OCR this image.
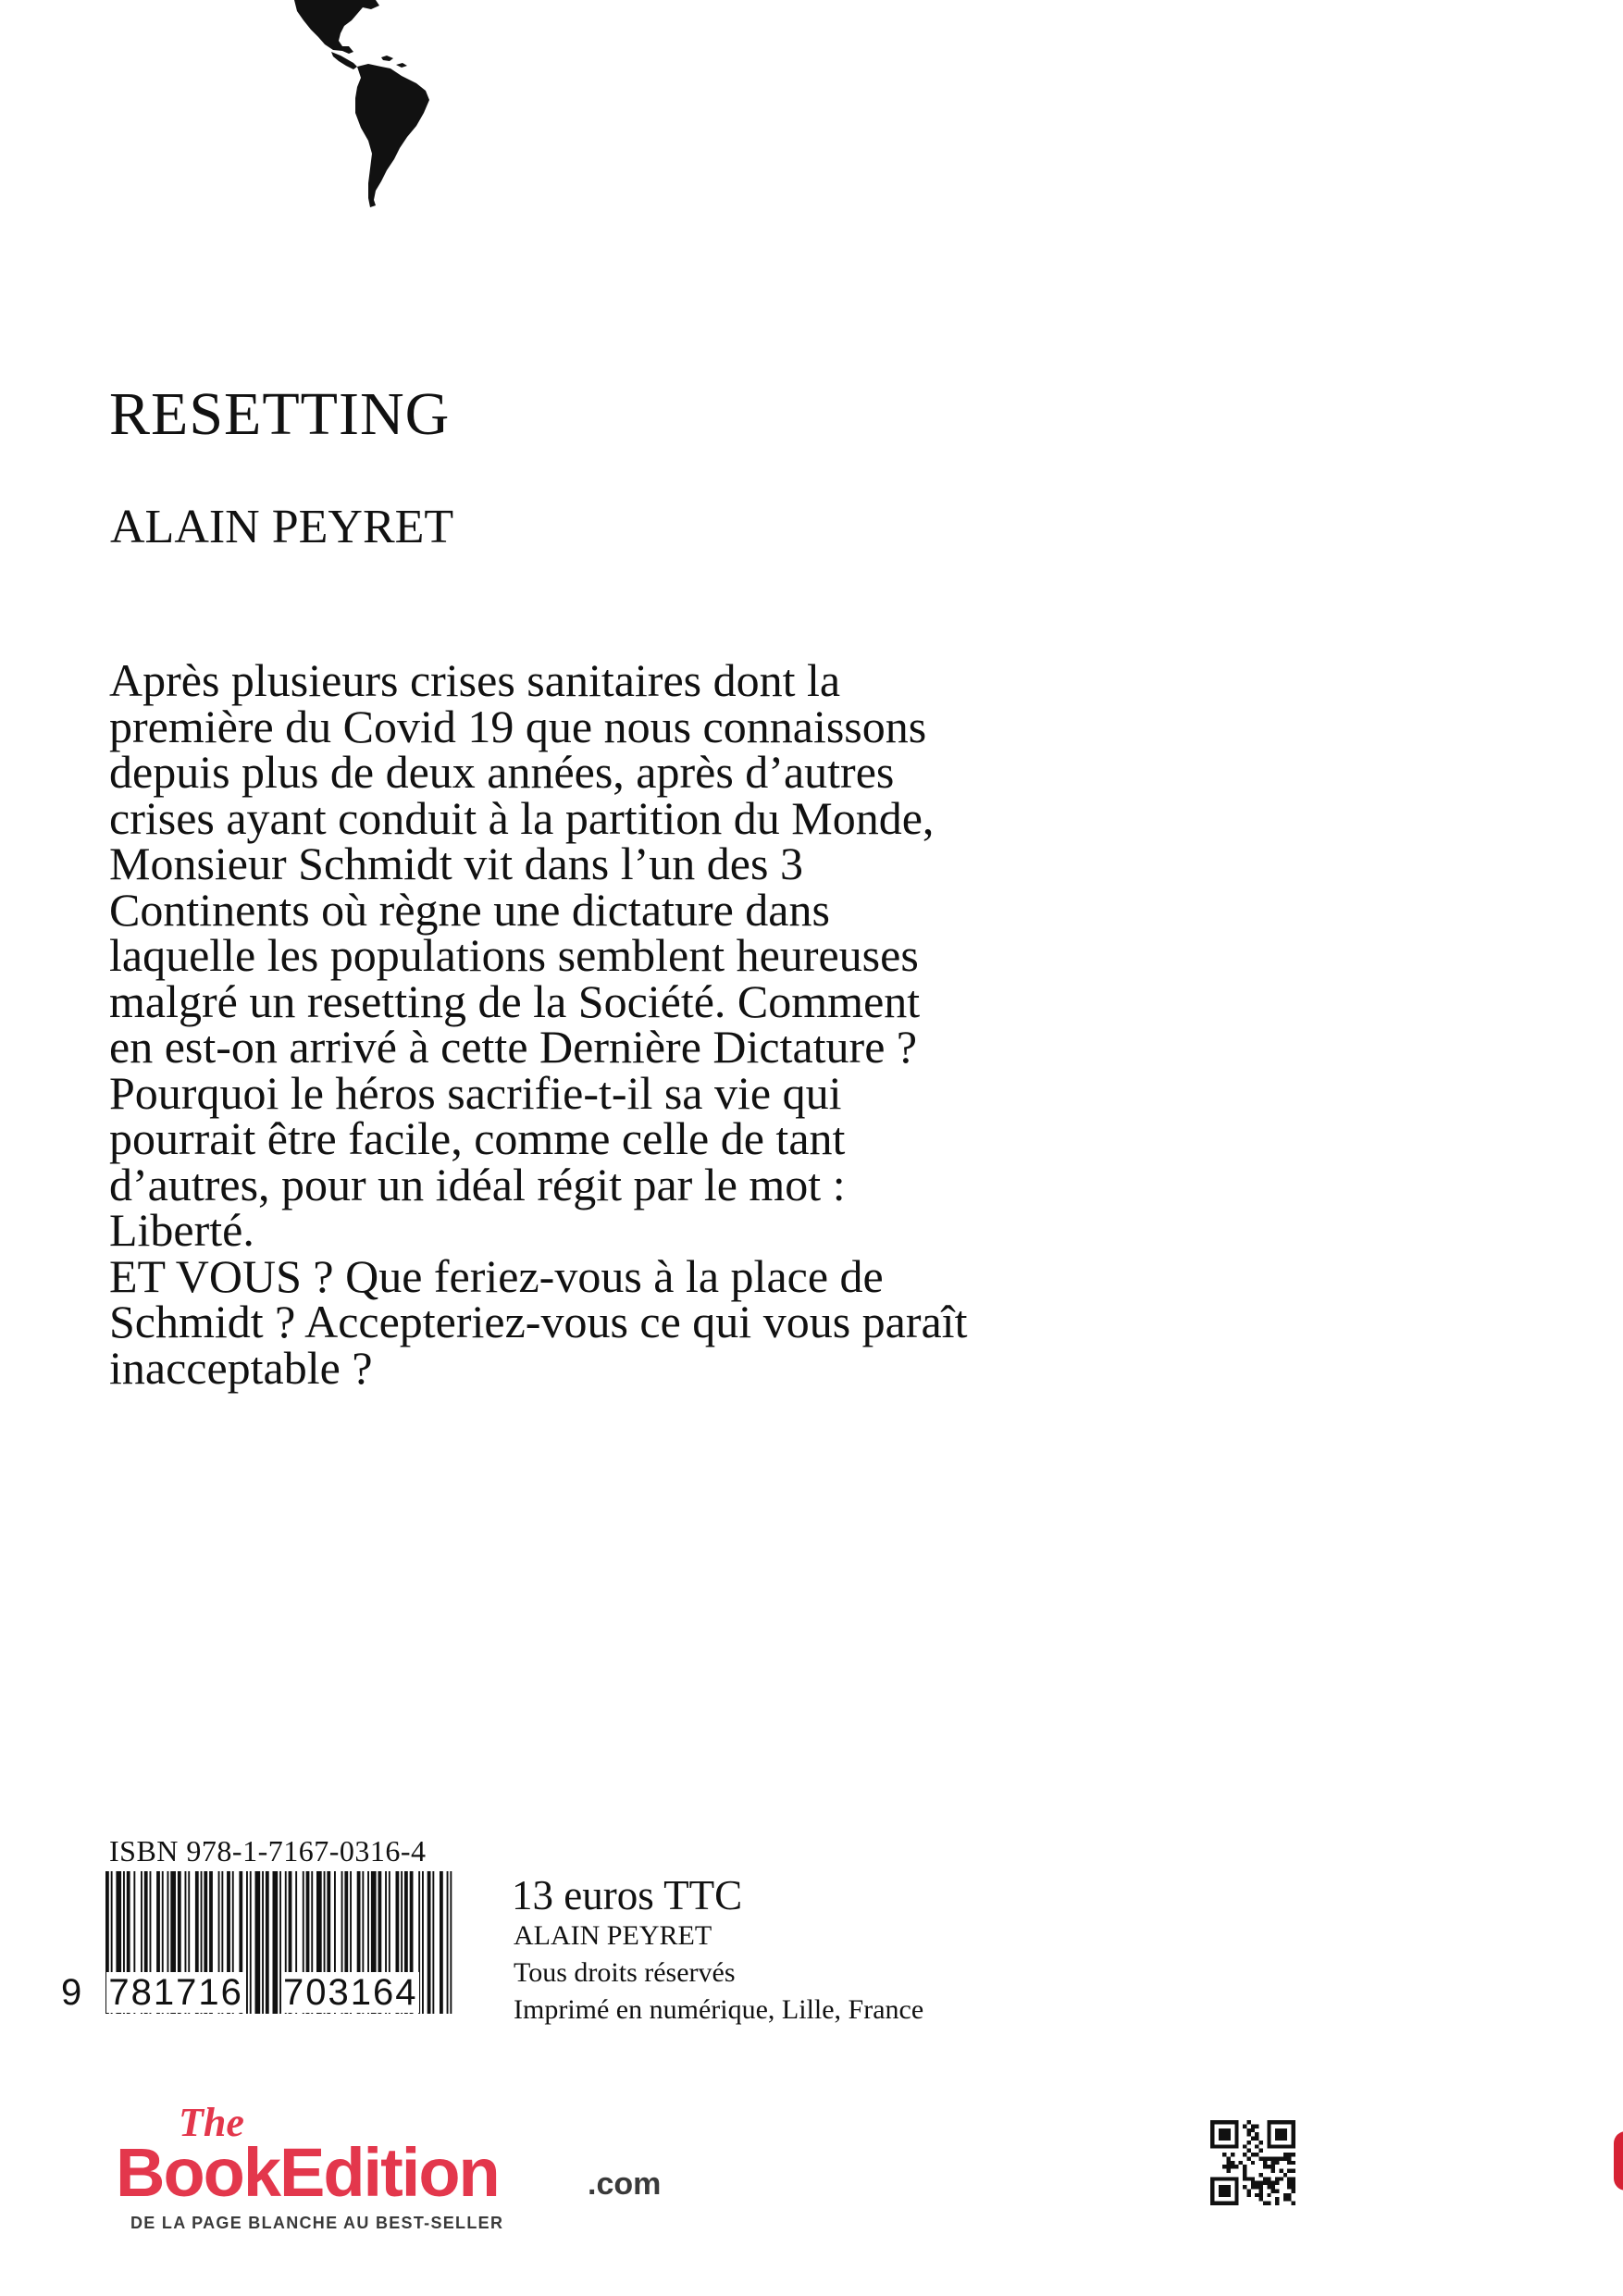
RESETTING
ALAIN PEYRET

Après plusieurs crises sanitaires dont la

première du Covid 19 que nous connaissons

depuis plus de deux années, après d’autres

crises ayant conduit à la partition du Monde,

Monsieur Schmidt vit dans l’un des 3

Continents où règne une dictature dans

laquelle les populations semblent heureuses

malgré un resetting de la Société. Comment

en est-on arrivé à cette Dernière Dictature ?

Pourquoi le héros sacrifie-t-il sa vie qui

pourrait être facile, comme celle de tant

d’autres, pour un idéal régit par le mot :

Liberté.

ET VOUS ? Que feriez-vous à la place de

Schmidt ? Accepteriez-vous ce qui vous paraît

inacceptable ?

ISBN 978-1-7167-0316-4
9 781716 703164
13 euros TTC
ALAIN PEYRET
Tous droits réservés
Imprimé en numérique, Lille, France
The
BookEdition	.com
DE LA PAGE BLANCHE AU BEST-SELLER
